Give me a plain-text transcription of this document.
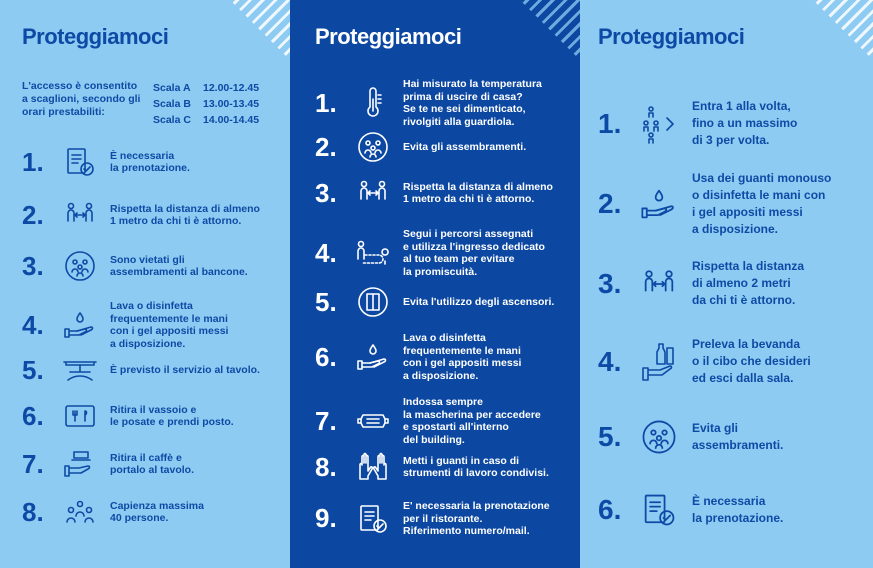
Proteggiamoci
L'accesso è consentito a scaglioni, secondo gli orari prestabiliti:
Scala A 12.00-12.45
Scala B 13.00-13.45
Scala C 14.00-14.45
1.	È necessaria
la prenotazione.
2.	Rispetta la distanza di almeno
1 metro da chi ti è attorno.
3.	Sono vietati gli
assembramenti al bancone.
4.
Lava o disinfetta
frequentemente le mani
con i gel appositi messi
a disposizione.
5.	È previsto il servizio al tavolo.
6.	Ritira il vassoio e
le posate e prendi posto.
7.	Ritira il caffè e
portalo al tavolo.
8.	Capienza massima
40 persone.
Proteggiamoci
1.
Hai misurato la temperatura
prima di uscire di casa?
Se te ne sei dimenticato,
rivolgiti alla guardiola.
2.	Evita gli assembramenti.
3.	Rispetta la distanza di almeno
1 metro da chi ti è attorno.
4.
Segui i percorsi assegnati
e utilizza l'ingresso dedicato
al tuo team per evitare
la promiscuità.
5.	Evita l'utilizzo degli ascensori.
6.
Lava o disinfetta
frequentemente le mani
con i gel appositi messi
a disposizione.
7.
Indossa sempre
la mascherina per accedere
e spostarti all'interno
del building.
8.	Metti i guanti in caso di
strumenti di lavoro condivisi.
9.	E' necessaria la prenotazione
per il ristorante.
Riferimento numero/mail.
Proteggiamoci
1.
Entra 1 alla volta,
fino a un massimo
di 3 per volta.
2.
Usa dei guanti monouso
o disinfetta le mani con
i gel appositi messi
a disposizione.
3.
Rispetta la distanza
di almeno 2 metri
da chi ti è attorno.
4.
Preleva la bevanda
o il cibo che desideri
ed esci dalla sala.
5.	Evita gli
assembramenti.
6.	È necessaria
la prenotazione.
